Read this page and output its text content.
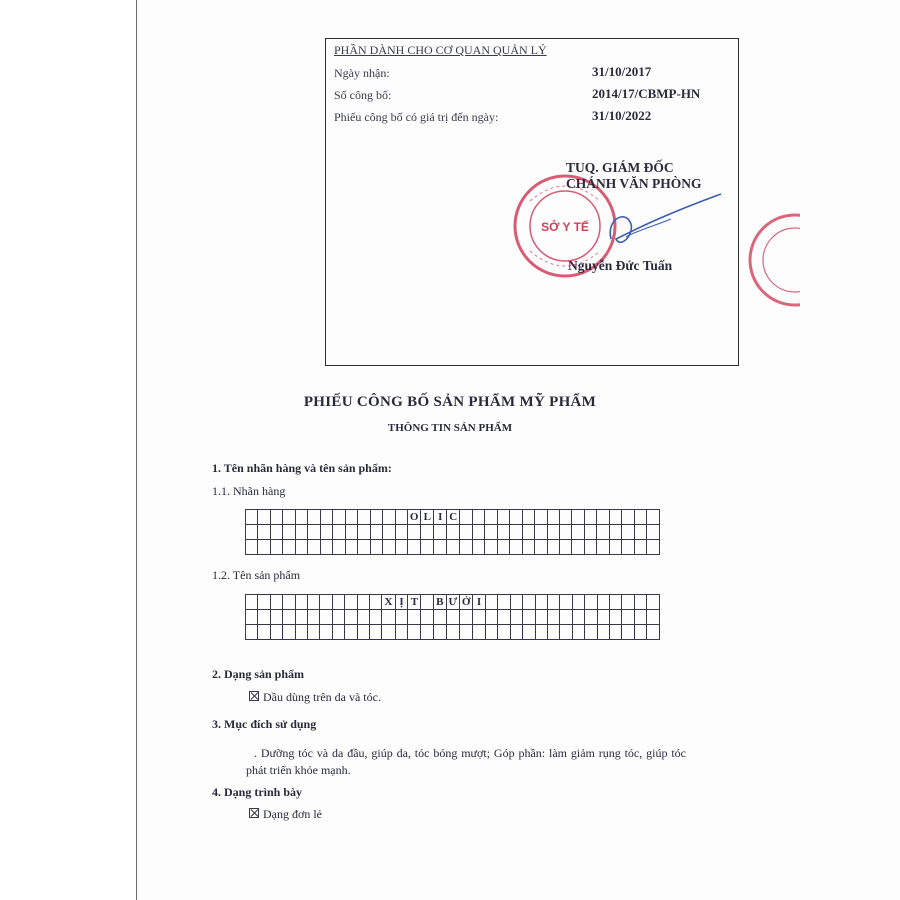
PHẦN DÀNH CHO CƠ QUAN QUẢN LÝ
Ngày nhận:	31/10/2017
Số công bố:	2014/17/CBMP-HN
Phiếu công bố có giá trị đến ngày:	31/10/2022
SỞ Y TẾ
TUQ. GIÁM ĐỐC
CHÁNH VĂN PHÒNG
Nguyễn Đức Tuấn
PHIẾU CÔNG BỐ SẢN PHẨM MỸ PHẨM
THÔNG TIN SẢN PHẨM
1. Tên nhãn hàng và tên sản phẩm:
1.1. Nhãn hàng
													O	L	I	C																

1.2. Tên sản phẩm
											X	Ị	T		B	Ư	Ở	I														

2. Dạng sản phẩm
Dầu dùng trên da và tóc.
3. Mục đích sử dụng
. Dưỡng tóc và da đầu, giúp da, tóc bóng mượt; Góp phần: làm giảm rụng tóc, giúp tóc phát triển khỏe mạnh.
4. Dạng trình bày
Dạng đơn lẻ
